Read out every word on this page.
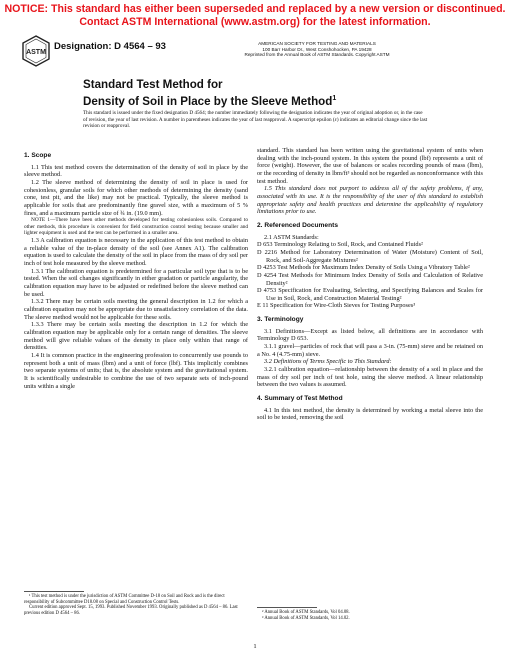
NOTICE: This standard has either been superseded and replaced by a new version or discontinued.
Contact ASTM International (www.astm.org) for the latest information.
ASTM
Designation: D 4564 – 93	AMERICAN SOCIETY FOR TESTING AND MATERIALS
100 Barr Harbor Dr., West Conshohocken, PA 19428
Reprinted from the Annual Book of ASTM Standards. Copyright ASTM
Standard Test Method for
Density of Soil in Place by the Sleeve Method$^1$
This standard is issued under the fixed designation D 4564; the number immediately following the designation indicates the year of original adoption or, in the case of revision, the year of last revision. A number in parentheses indicates the year of last reapproval. A superscript epsilon (ε) indicates an editorial change since the last revision or reapproval.
1. Scope

1.1 This test method covers the determination of the density of soil in place by the sleeve method.

1.2 The sleeve method of determining the density of soil in place is used for cohesionless, granular soils for which other methods of determining the density (sand cone, test pit, and the like) may not be practical. Typically, the sleeve method is applicable for soils that are predominantly fine gravel size, with a maximum of 5 % fines, and a maximum particle size of ¾ in. (19.0 mm).

NOTE 1—There have been other methods developed for testing cohesionless soils. Compared to other methods, this procedure is convenient for field construction control testing because smaller and lighter equipment is used and the test can be performed in a smaller area.

1.3 A calibration equation is necessary in the application of this test method to obtain a reliable value of the in-place density of the soil (see Annex A1). The calibration equation is used to calculate the density of the soil in place from the mass of dry soil per inch of test hole measured by the sleeve method.

1.3.1 The calibration equation is predetermined for a particular soil type that is to be tested. When the soil changes significantly in either gradation or particle angularity, the calibration equation may have to be adjusted or redefined before the sleeve method can be used.

1.3.2 There may be certain soils meeting the general description in 1.2 for which a calibration equation may not be appropriate due to unsatisfactory correlation of the data. The sleeve method would not be applicable for these soils.

1.3.3 There may be certain soils meeting the description in 1.2 for which the calibration equation may be applicable only for a certain range of densities. The sleeve method will give reliable values of the density in place only within that range of densities.

1.4 It is common practice in the engineering profession to concurrently use pounds to represent both a unit of mass (lbm) and a unit of force (lbf). This implicitly combines two separate systems of units; that is, the absolute system and the gravitational system. It is scientifically undesirable to combine the use of two separate sets of inch-pound units within a single

standard. This standard has been written using the gravitational system of units when dealing with the inch-pound system. In this system the pound (lbf) represents a unit of force (weight). However, the use of balances or scales recording pounds of mass (lbm), or the recording of density in lbm/ft³ should not be regarded as nonconformance with this test method.

1.5 This standard does not purport to address all of the safety problems, if any, associated with its use. It is the responsibility of the user of this standard to establish appropriate safety and health practices and determine the applicability of regulatory limitations prior to use.

2. Referenced Documents

2.1 ASTM Standards:

D 653 Terminology Relating to Soil, Rock, and Contained Fluids²

D 2216 Method for Laboratory Determination of Water (Moisture) Content of Soil, Rock, and Soil-Aggregate Mixtures²

D 4253 Test Methods for Maximum Index Density of Soils Using a Vibratory Table²

D 4254 Test Methods for Minimum Index Density of Soils and Calculation of Relative Density²

D 4753 Specification for Evaluating, Selecting, and Specifying Balances and Scales for Use in Soil, Rock, and Construction Material Testing²

E 11 Specification for Wire-Cloth Sieves for Testing Purposes³

3. Terminology

3.1 Definitions—Except as listed below, all definitions are in accordance with Terminology D 653.

3.1.1 gravel—particles of rock that will pass a 3-in. (75-mm) sieve and be retained on a No. 4 (4.75-mm) sieve.

3.2 Definitions of Terms Specific to This Standard:

3.2.1 calibration equation—relationship between the density of a soil in place and the mass of dry soil per inch of test hole, using the sleeve method. A linear relationship between the two values is assumed.

4. Summary of Test Method

4.1 In this test method, the density is determined by working a metal sleeve into the soil to be tested, removing the soil

¹ This test method is under the jurisdiction of ASTM Committee D-18 on Soil and Rock and is the direct responsibility of Subcommittee D18.08 on Special and Construction Control Tests.

Current edition approved Sept. 15, 1993. Published November 1993. Originally published as D 4564 – 86. Last previous edition D 4564 – 86.	² Annual Book of ASTM Standards, Vol 04.08.

³ Annual Book of ASTM Standards, Vol 14.02.

1
